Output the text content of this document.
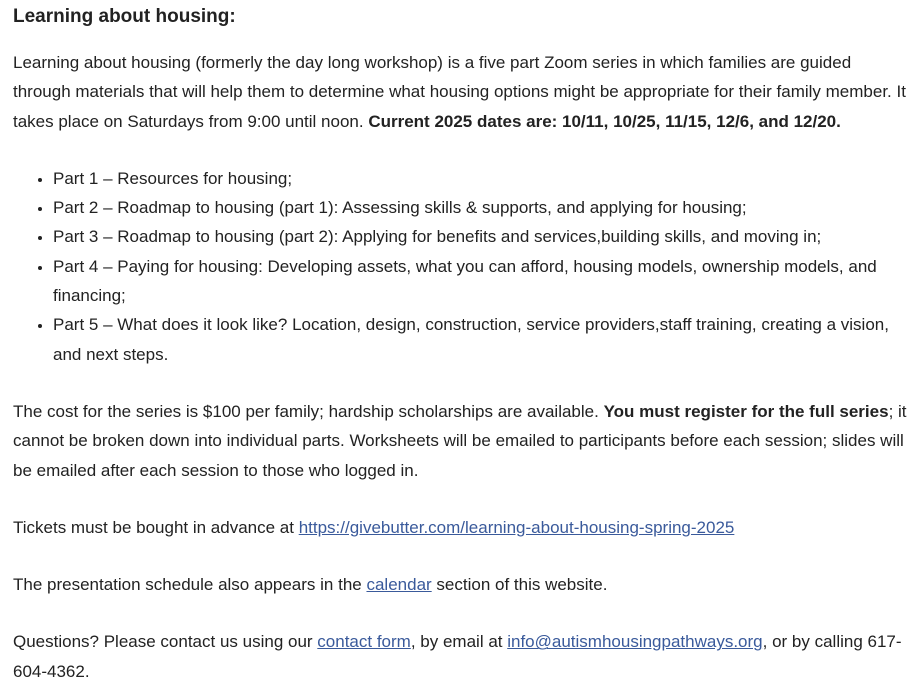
Learning about housing:

Learning about housing (formerly the day long workshop) is a five part Zoom series in which families are guided through materials that will help them to determine what housing options might be appropriate for their family member. It takes place on Saturdays from 9:00 until noon. Current 2025 dates are: 10/11, 10/25, 11/15, 12/6, and 12/20.

• Part 1 – Resources for housing;
• Part 2 – Roadmap to housing (part 1): Assessing skills & supports, and applying for housing;
• Part 3 – Roadmap to housing (part 2): Applying for benefits and services,building skills, and moving in;
• Part 4 – Paying for housing: Developing assets, what you can afford, housing models, ownership models, and financing;
• Part 5 – What does it look like? Location, design, construction, service providers,staff training, creating a vision, and next steps.

The cost for the series is $100 per family; hardship scholarships are available. You must register for the full series; it cannot be broken down into individual parts. Worksheets will be emailed to participants before each session; slides will be emailed after each session to those who logged in.

Tickets must be bought in advance at https://givebutter.com/learning-about-housing-spring-2025

The presentation schedule also appears in the calendar section of this website.

Questions? Please contact us using our contact form, by email at info@autismhousingpathways.org, or by calling 617-604-4362.
